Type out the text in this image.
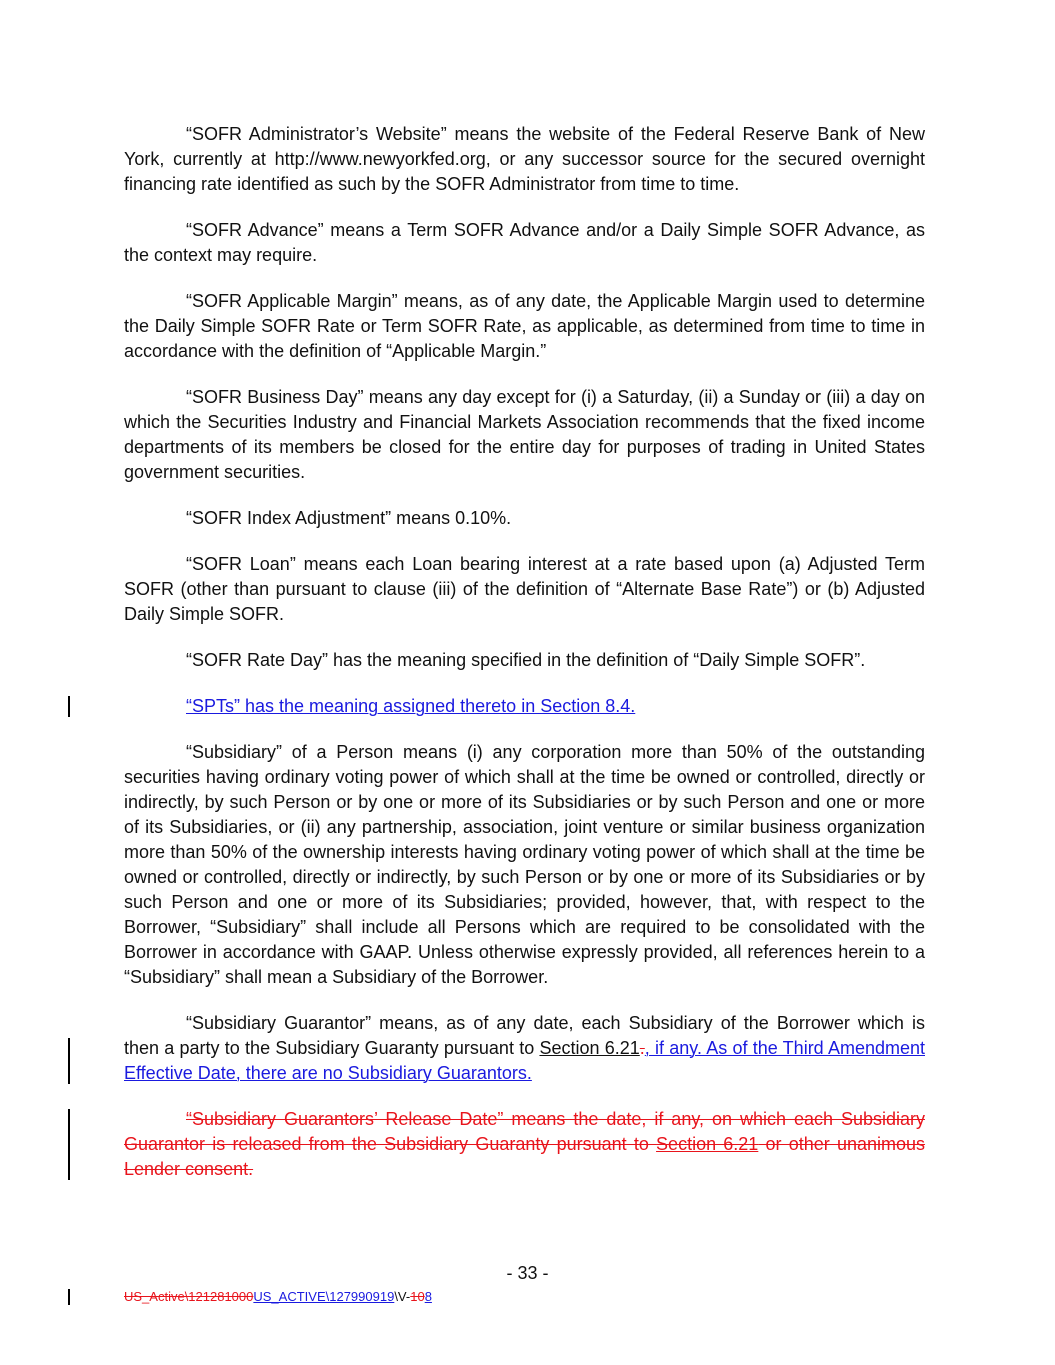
“SOFR Administrator’s Website” means the website of the Federal Reserve Bank of New York, currently at http://www.newyorkfed.org, or any successor source for the secured overnight financing rate identified as such by the SOFR Administrator from time to time.

“SOFR Advance” means a Term SOFR Advance and/or a Daily Simple SOFR Advance, as the context may require.

“SOFR Applicable Margin” means, as of any date, the Applicable Margin used to determine the Daily Simple SOFR Rate or Term SOFR Rate, as applicable, as determined from time to time in accordance with the definition of “Applicable Margin.”

“SOFR Business Day” means any day except for (i) a Saturday, (ii) a Sunday or (iii) a day on which the Securities Industry and Financial Markets Association recommends that the fixed income departments of its members be closed for the entire day for purposes of trading in United States government securities.

“SOFR Index Adjustment” means 0.10%.

“SOFR Loan” means each Loan bearing interest at a rate based upon (a) Adjusted Term SOFR (other than pursuant to clause (iii) of the definition of “Alternate Base Rate”) or (b) Adjusted Daily Simple SOFR.

“SOFR Rate Day” has the meaning specified in the definition of “Daily Simple SOFR”.

“SPTs” has the meaning assigned thereto in Section 8.4.

“Subsidiary” of a Person means (i) any corporation more than 50% of the outstanding securities having ordinary voting power of which shall at the time be owned or controlled, directly or indirectly, by such Person or by one or more of its Subsidiaries or by such Person and one or more of its Subsidiaries, or (ii) any partnership, association, joint venture or similar business organization more than 50% of the ownership interests having ordinary voting power of which shall at the time be owned or controlled, directly or indirectly, by such Person or by one or more of its Subsidiaries or by such Person and one or more of its Subsidiaries; provided, however, that, with respect to the Borrower, “Subsidiary” shall include all Persons which are required to be consolidated with the Borrower in accordance with GAAP. Unless otherwise expressly provided, all references herein to a “Subsidiary” shall mean a Subsidiary of the Borrower.

“Subsidiary Guarantor” means, as of any date, each Subsidiary of the Borrower which is then a party to the Subsidiary Guaranty pursuant to Section 6.21., if any. As of the Third Amendment Effective Date, there are no Subsidiary Guarantors.

“Subsidiary Guarantors’ Release Date” means the date, if any, on which each Subsidiary Guarantor is released from the Subsidiary Guaranty pursuant to Section 6.21 or other unanimous Lender consent.

- 33 -
US_Active\121281000US_ACTIVE\127990919\V-108
